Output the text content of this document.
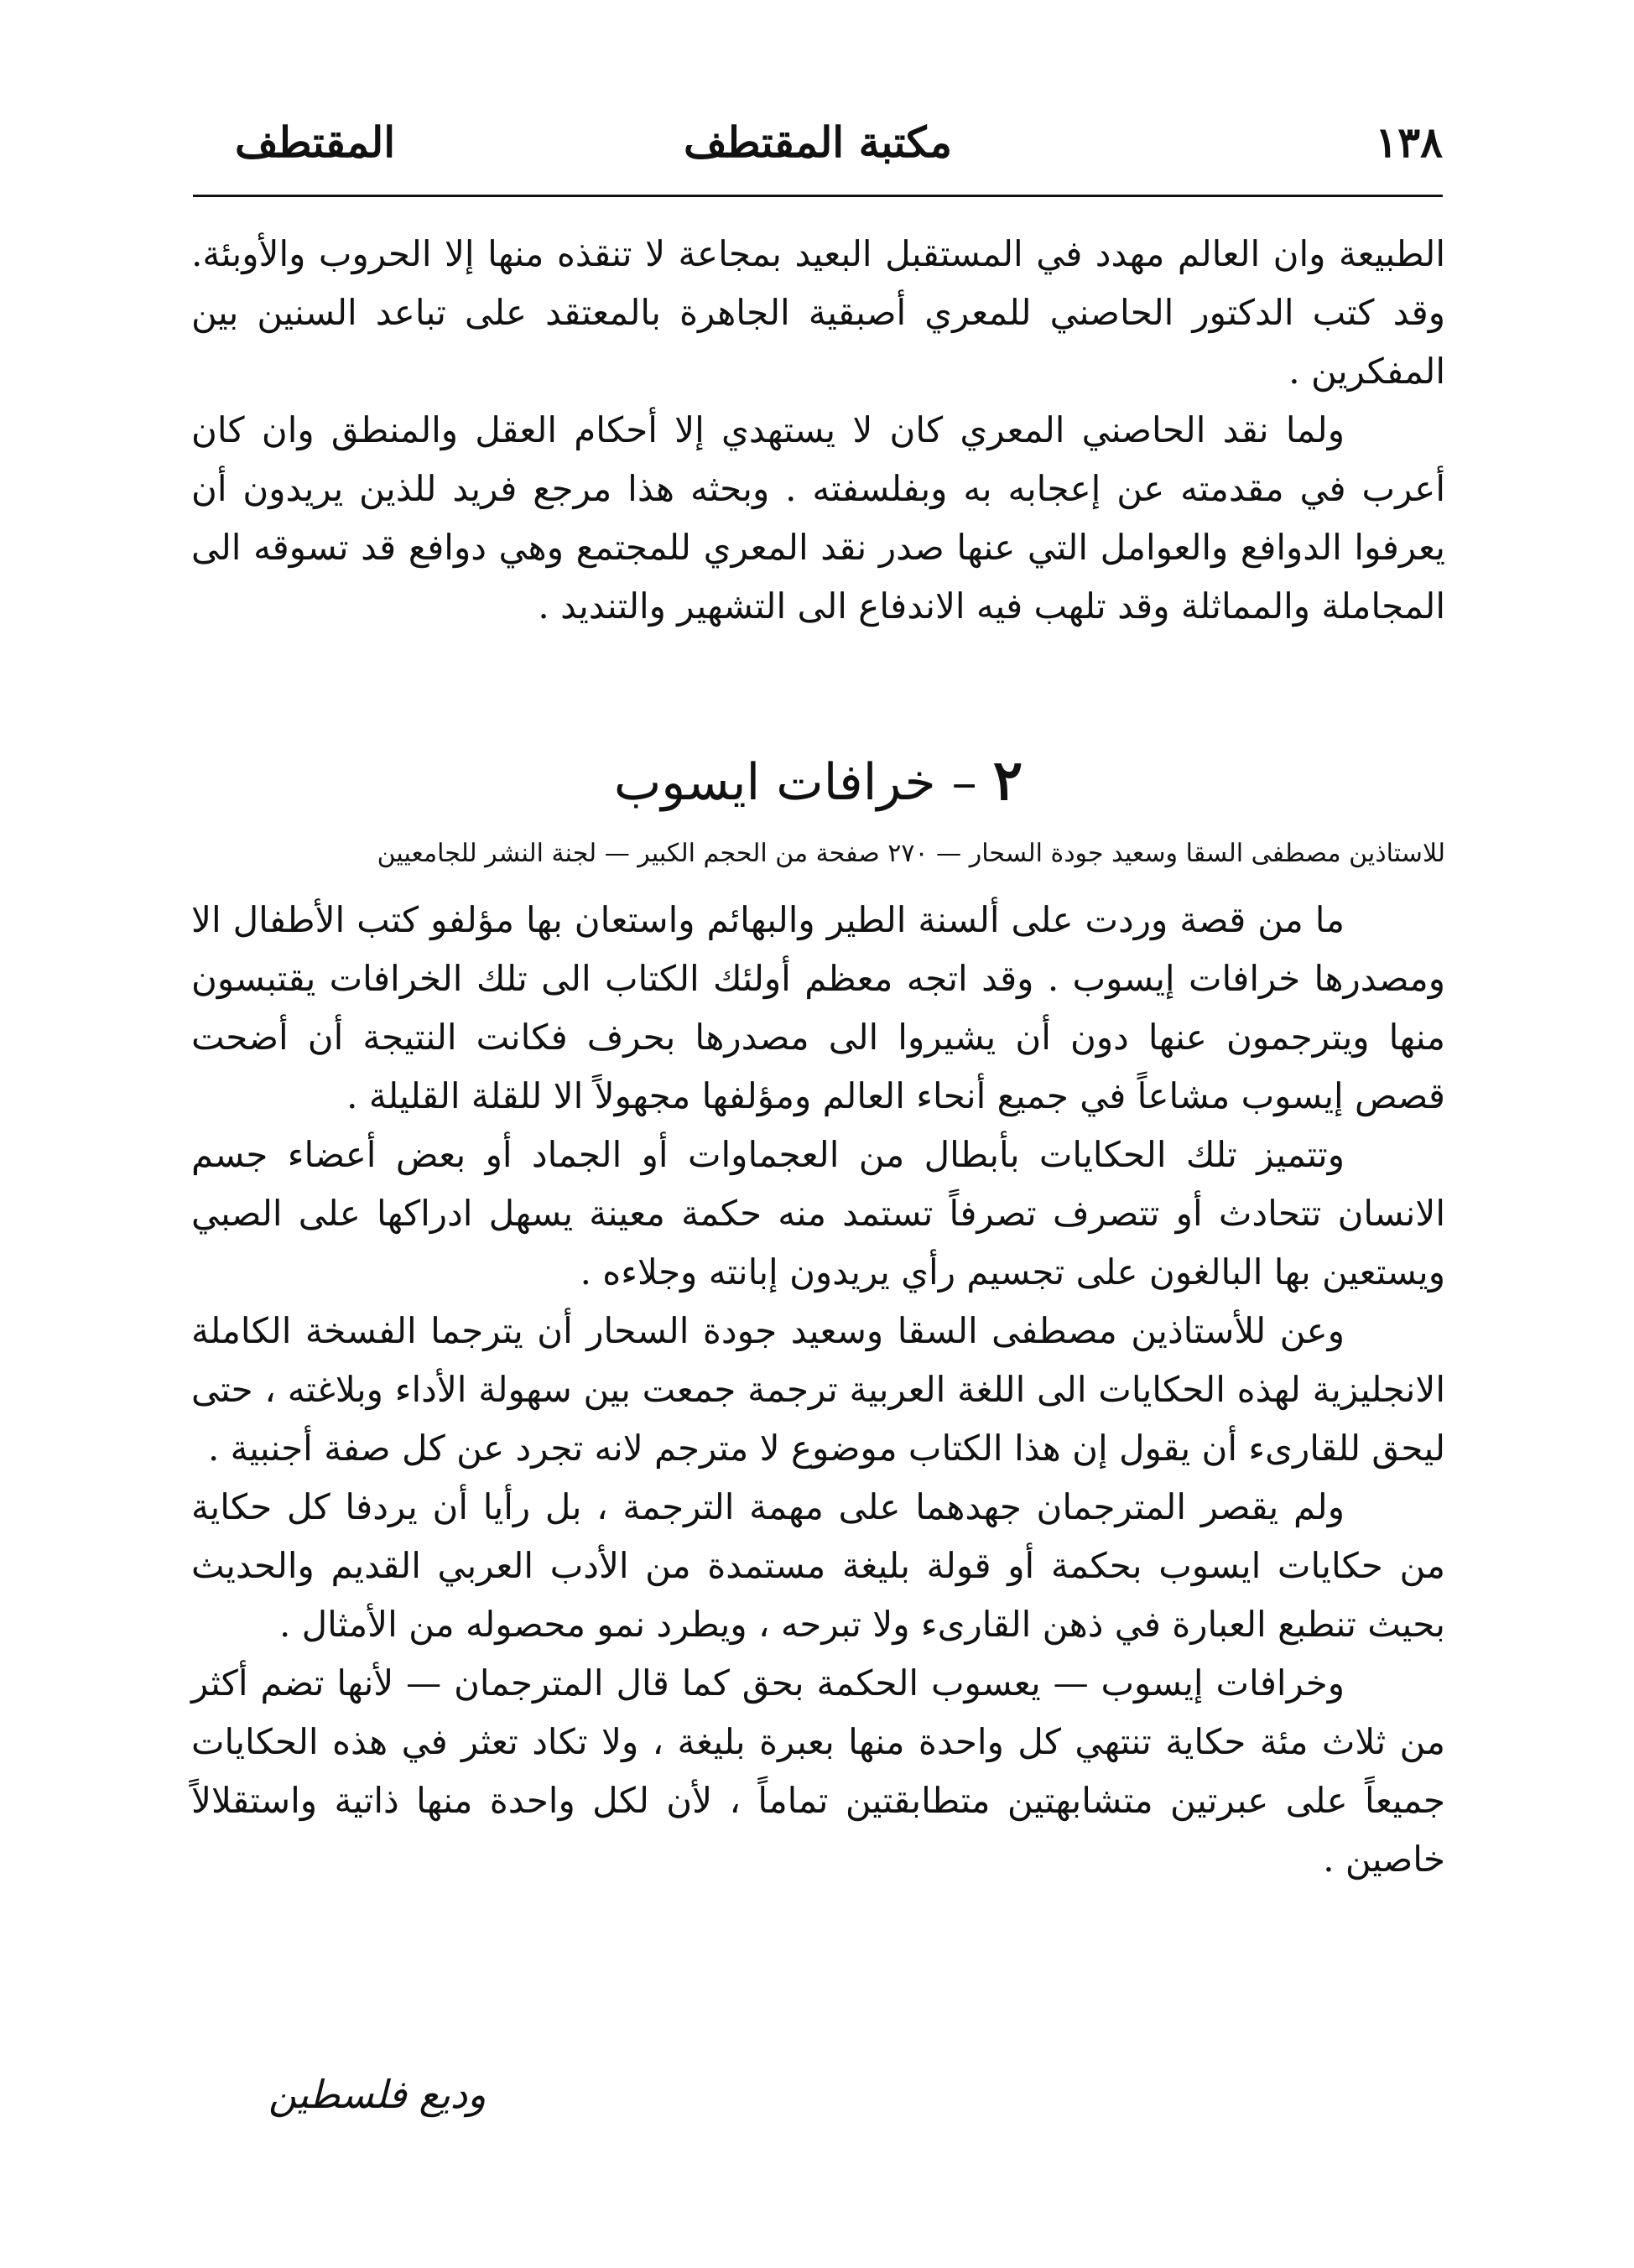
١٣٨
مكتبة المقتطف
المقتطف

الطبيعة وان العالم مهدد في المستقبل البعيد بمجاعة لا تنقذه منها إلا الحروب والأوبئة. وقد كتب الدكتور الحاصني للمعري أصبقية الجاهرة بالمعتقد على تباعد السنين بين المفكرين .

ولما نقد الحاصني المعري كان لا يستهدي إلا أحكام العقل والمنطق وان كان أعرب في مقدمته عن إعجابه به وبفلسفته . وبحثه هذا مرجع فريد للذين يريدون أن يعرفوا الدوافع والعوامل التي عنها صدر نقد المعري للمجتمع وهي دوافع قد تسوقه الى المجاملة والمماثلة وقد تلهب فيه الاندفاع الى التشهير والتنديد .

٢ – خرافات ايسوب
للاستاذين مصطفى السقا وسعيد جودة السحار — ٢٧٠ صفحة من الحجم الكبير — لجنة النشر للجامعيين

ما من قصة وردت على ألسنة الطير والبهائم واستعان بها مؤلفو كتب الأطفال الا ومصدرها خرافات إيسوب . وقد اتجه معظم أولئك الكتاب الى تلك الخرافات يقتبسون منها ويترجمون عنها دون أن يشيروا الى مصدرها بحرف فكانت النتيجة أن أضحت قصص إيسوب مشاعاً في جميع أنحاء العالم ومؤلفها مجهولاً الا للقلة القليلة .

وتتميز تلك الحكايات بأبطال من العجماوات أو الجماد أو بعض أعضاء جسم الانسان تتحادث أو تتصرف تصرفاً تستمد منه حكمة معينة يسهل ادراكها على الصبي ويستعين بها البالغون على تجسيم رأي يريدون إبانته وجلاءه .

وعن للأستاذين مصطفى السقا وسعيد جودة السحار أن يترجما الفسخة الكاملة الانجليزية لهذه الحكايات الى اللغة العربية ترجمة جمعت بين سهولة الأداء وبلاغته ، حتى ليحق للقارىء أن يقول إن هذا الكتاب موضوع لا مترجم لانه تجرد عن كل صفة أجنبية .

ولم يقصر المترجمان جهدهما على مهمة الترجمة ، بل رأيا أن يردفا كل حكاية من حكايات ايسوب بحكمة أو قولة بليغة مستمدة من الأدب العربي القديم والحديث بحيث تنطبع العبارة في ذهن القارىء ولا تبرحه ، ويطرد نمو محصوله من الأمثال .

وخرافات إيسوب — يعسوب الحكمة بحق كما قال المترجمان — لأنها تضم أكثر من ثلاث مئة حكاية تنتهي كل واحدة منها بعبرة بليغة ، ولا تكاد تعثر في هذه الحكايات جميعاً على عبرتين متشابهتين متطابقتين تماماً ، لأن لكل واحدة منها ذاتية واستقلالاً خاصين .

وديع فلسطين
